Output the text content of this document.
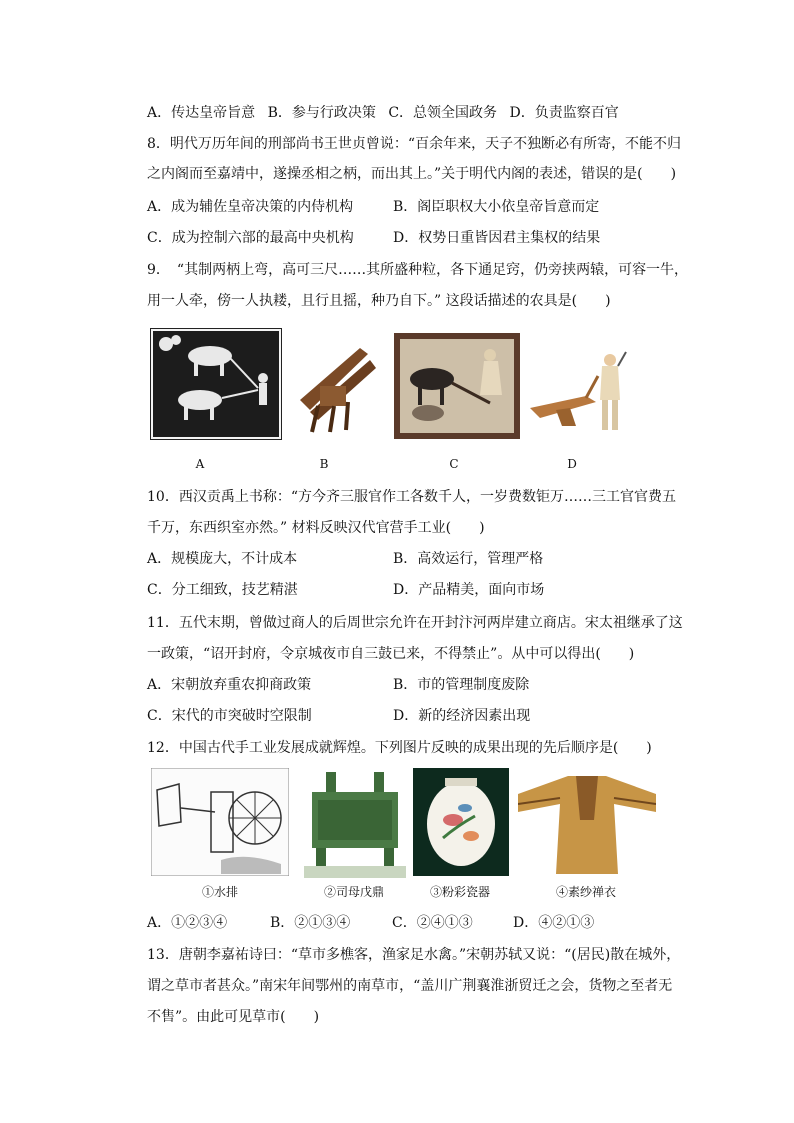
A．传达皇帝旨意 B．参与行政决策 C．总领全国政务 D．负责监察百官
8．明代万历年间的刑部尚书王世贞曾说：“百余年来，天子不独断必有所寄，不能不归
之内阁而至嘉靖中，遂操丞相之柄，而出其上。”关于明代内阁的表述，错误的是(　　)
A．成为辅佐皇帝决策的内侍机构	B．阁臣职权大小依皇帝旨意而定
C．成为控制六部的最高中央机构	D．权势日重皆因君主集权的结果
9．　“其制两柄上弯，高可三尺……其所盛种粒，各下通足窍，仍旁挟两辕，可容一牛，
用一人牵，傍一人执耧，且行且摇，种乃自下。” 这段话描述的农具是(　　)
A	B	C	D
10．西汉贡禹上书称：“方今齐三服官作工各数千人，一岁费数钜万……三工官官费五
千万，东西织室亦然。” 材料反映汉代官营手工业(　　)
A．规模庞大，不计成本	B．高效运行，管理严格
C．分工细致，技艺精湛	D．产品精美，面向市场
11．五代末期，曾做过商人的后周世宗允许在开封汴河两岸建立商店。宋太祖继承了这
一政策，“诏开封府，令京城夜市自三鼓已来，不得禁止”。从中可以得出(　　)
A．宋朝放弃重农抑商政策	B．市的管理制度废除
C．宋代的市突破时空限制	D．新的经济因素出现
12．中国古代手工业发展成就辉煌。下列图片反映的成果出现的先后顺序是(　　)
①水排	②司母戊鼎	③粉彩瓷器	④素纱禅衣
A．①②③④	B．②①③④	C．②④①③	D．④②①③
13．唐朝李嘉祐诗曰：“草市多樵客，渔家足水禽。”宋朝苏轼又说：“(居民)散在城外，
谓之草市者甚众。”南宋年间鄂州的南草市，“盖川广荆襄淮浙贸迁之会，货物之至者无
不售”。由此可见草市(　　)
